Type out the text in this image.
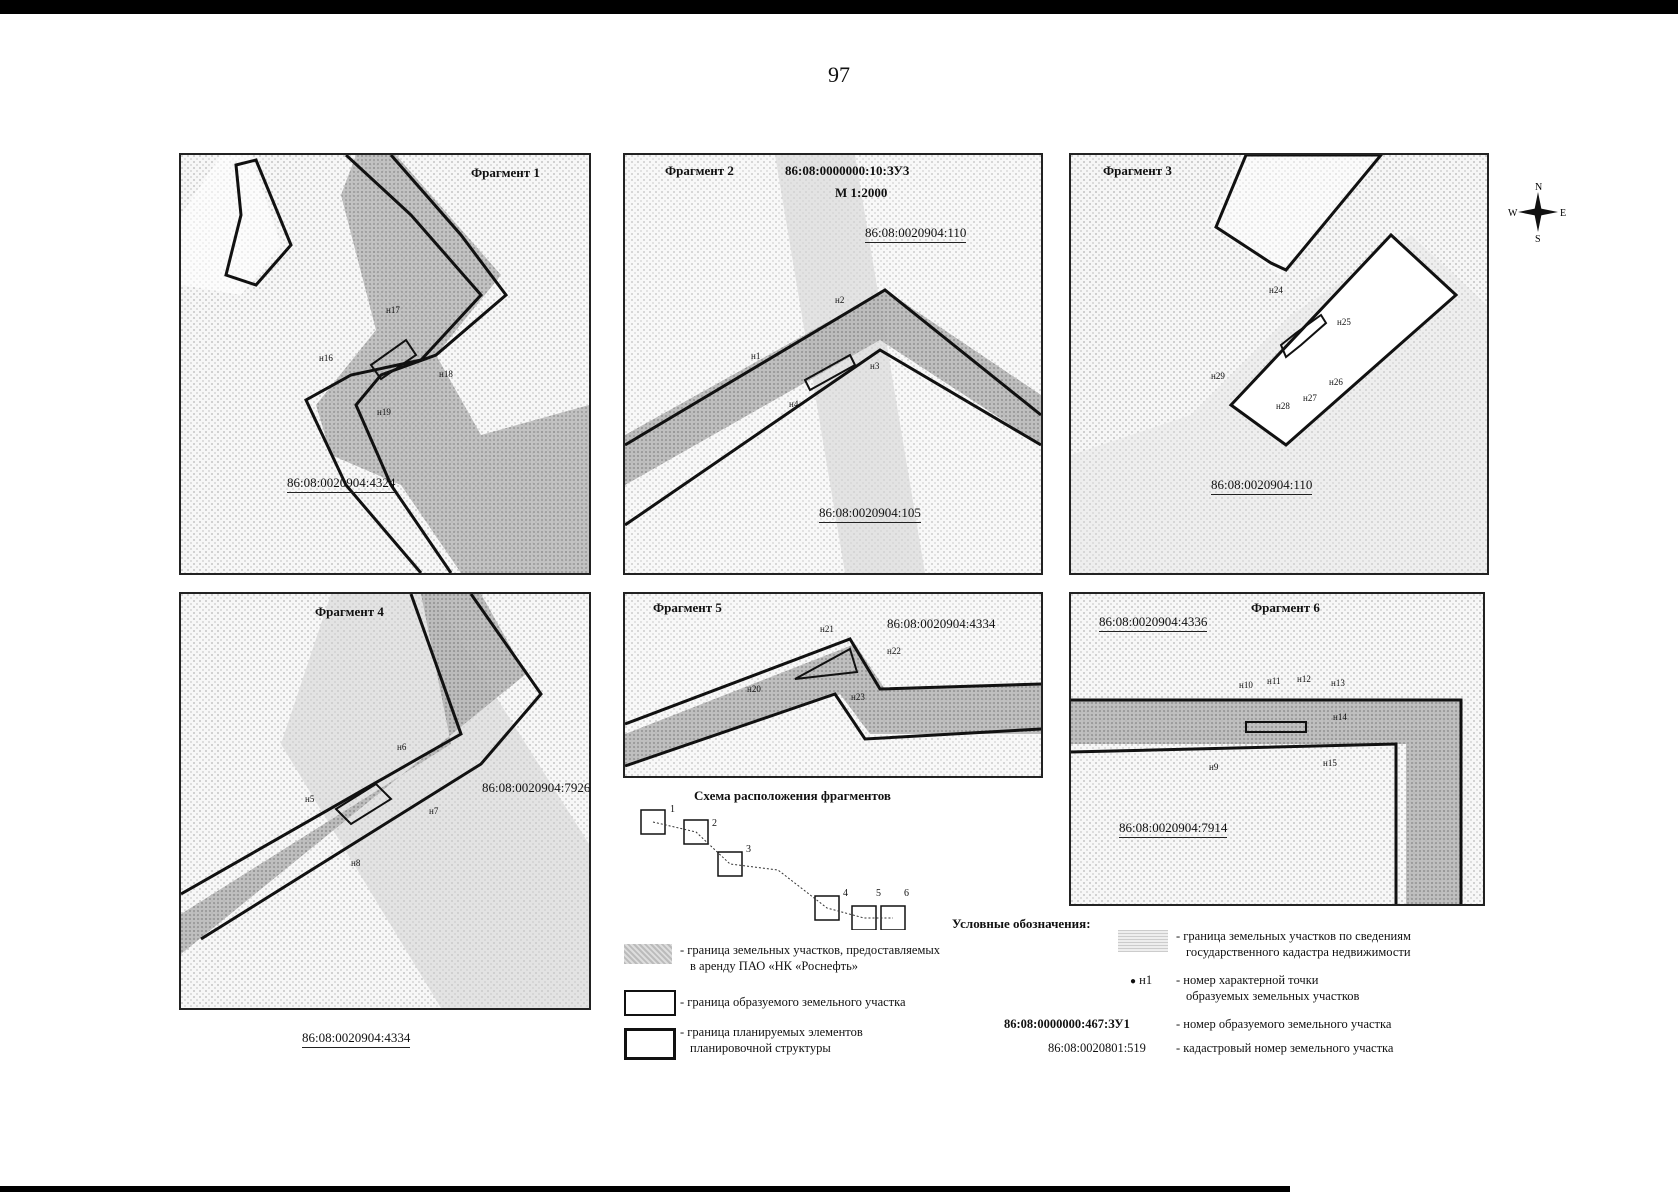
97
N
S
W	E
Фрагмент 1
н17
н16
н18
н19
86:08:0020904:4324
Фрагмент 2	86:08:0000000:10:ЗУ3
М 1:2000
86:08:0020904:110
н2
н1
н3
н4
86:08:0020904:105
Фрагмент 3
н24
н25
н26
н27
н28
н29
86:08:0020904:110
Фрагмент 4
н6
н5
н7
н8
86:08:0020904:7926
86:08:0020904:4334
Фрагмент 5
н21
н22
н20
н23
86:08:0020904:4334
Фрагмент 6
86:08:0020904:4336
н10 н11 н12 н13
н14
н9	н15
86:08:0020904:7914
Схема расположения фрагментов
1
2
3
4	5 6
Условные обозначения:
- граница земельных участков, предоставляемых
в аренду ПАО «НК «Роснефть»
- граница образуемого земельного участка
- граница планируемых элементов
планировочной структуры
- граница земельных участков по сведениям
государственного кадастра недвижимости
● н1 - номер характерной точки
образуемых земельных участков
86:08:0000000:467:ЗУ1	- номер образуемого земельного участка
86:08:0020801:519 - кадастровый номер земельного участка
